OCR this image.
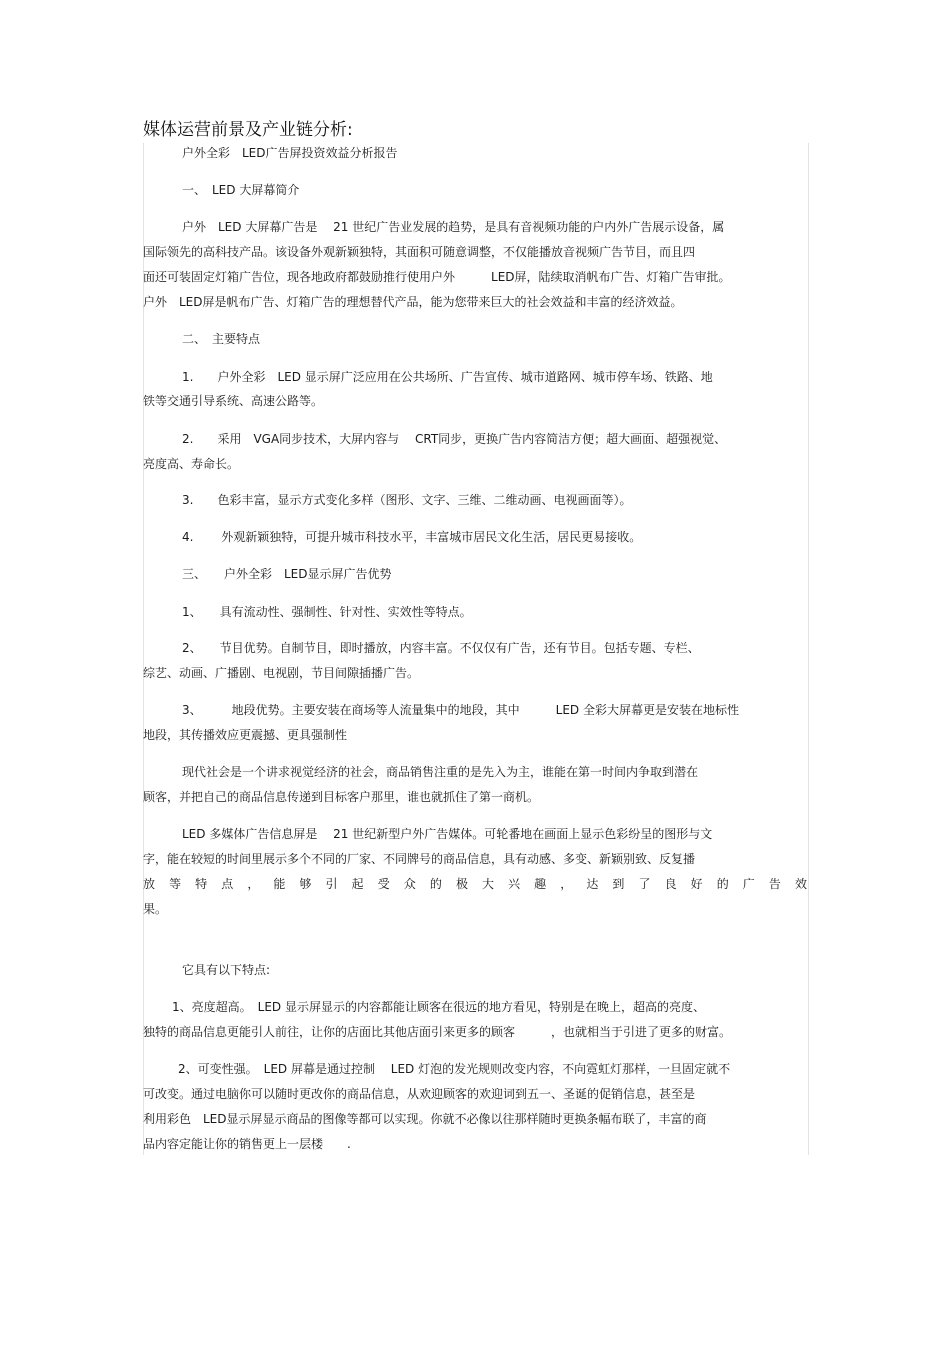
媒体运营前景及产业链分析:
户外全彩　LED广告屏投资效益分析报告
一、　LED 大屏幕简介
户外　LED 大屏幕广告是　 21 世纪广告业发展的趋势，是具有音视频功能的户内外广告展示设备，属
国际领先的高科技产品。该设备外观新颖独特，其面积可随意调整，不仅能播放音视频广告节目，而且四
面还可装固定灯箱广告位，现各地政府都鼓励推行使用户外　　　LED屏，陆续取消帆布广告、灯箱广告审批。
户外　LED屏是帆布广告、灯箱广告的理想替代产品，能为您带来巨大的社会效益和丰富的经济效益。
二、　主要特点
1.　　户外全彩　LED 显示屏广泛应用在公共场所、广告宣传、城市道路网、城市停车场、铁路、地
铁等交通引导系统、高速公路等。
2.　　采用　VGA同步技术，大屏内容与　 CRT同步，更换广告内容简洁方便；超大画面、超强视觉、
亮度高、寿命长。
3.　　色彩丰富，显示方式变化多样（图形、文字、三维、二维动画、电视画面等）。
4.　　 外观新颖独特，可提升城市科技水平，丰富城市居民文化生活，居民更易接收。
三、　　户外全彩　LED显示屏广告优势
1、　　具有流动性、强制性、针对性、实效性等特点。
2、　　节目优势。自制节目，即时播放，内容丰富。不仅仅有广告，还有节目。包括专题、专栏、
综艺、动画、广播剧、电视剧，节目间隙插播广告。
3、　　　地段优势。主要安装在商场等人流量集中的地段，其中　　　LED 全彩大屏幕更是安装在地标性
地段，其传播效应更震撼、更具强制性
现代社会是一个讲求视觉经济的社会，商品销售注重的是先入为主，谁能在第一时间内争取到潜在
顾客，并把自己的商品信息传递到目标客户那里，谁也就抓住了第一商机。
LED 多媒体广告信息屏是　 21 世纪新型户外广告媒体。可轮番地在画面上显示色彩纷呈的图形与文
字，能在较短的时间里展示多个不同的厂家、不同牌号的商品信息，具有动感、多变、新颖别致、反复播
放 等 特 点 ， 能 够 引 起 受 众 的 极 大 兴 趣 ， 达 到 了 良 好 的 广 告 效
果。
它具有以下特点:
1、亮度超高。　LED 显示屏显示的内容都能让顾客在很远的地方看见，特别是在晚上，超高的亮度、
独特的商品信息更能引人前往，让你的店面比其他店面引来更多的顾客　　　，也就相当于引进了更多的财富。
2、可变性强。　LED 屏幕是通过控制　 LED 灯泡的发光规则改变内容，不向霓虹灯那样，一旦固定就不
可改变。通过电脑你可以随时更改你的商品信息，从欢迎顾客的欢迎词到五一、圣诞的促销信息，甚至是
利用彩色　LED显示屏显示商品的图像等都可以实现。你就不必像以往那样随时更换条幅布联了，丰富的商
品内容定能让你的销售更上一层楼　　.
